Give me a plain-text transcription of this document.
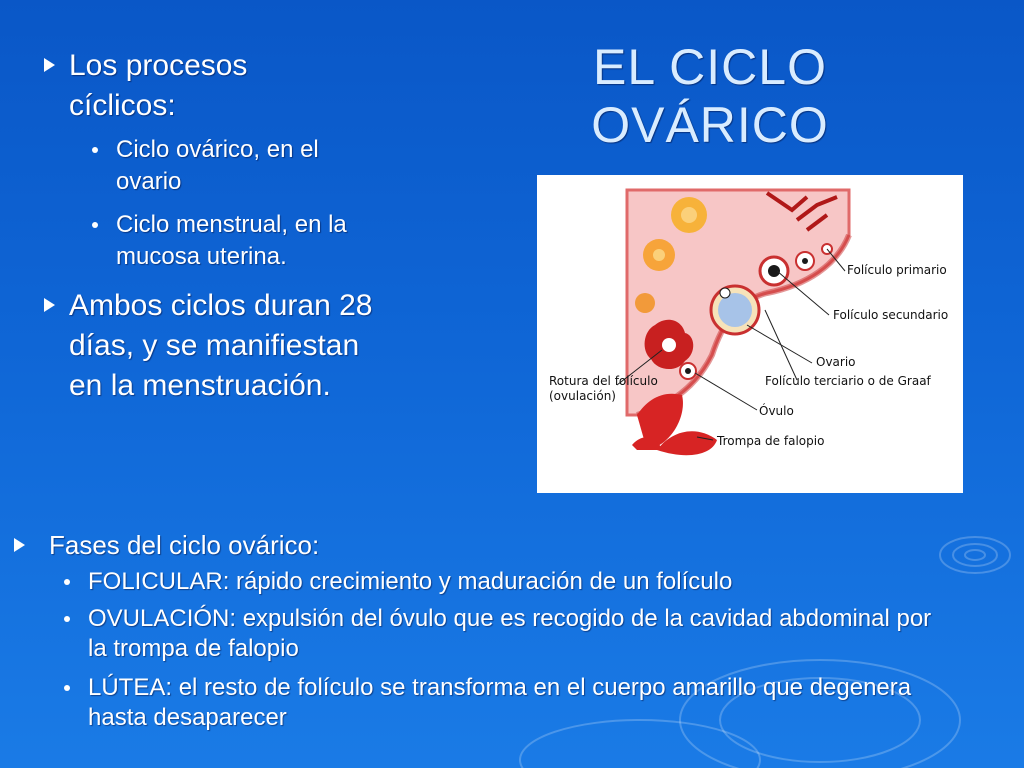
EL CICLO
OVÁRICO
Los procesos cíclicos:
Ciclo ovárico, en el ovario
Ciclo menstrual, en la mucosa uterina.
Ambos ciclos duran 28 días, y se manifiestan en la menstruación.
Folículo primario
Folículo secundario
Ovario
Rotura del folículo
(ovulación)
Folículo terciario o de Graaf
Óvulo
Trompa de falopio
Fases del ciclo ovárico:
FOLICULAR: rápido crecimiento y maduración de un folículo
OVULACIÓN: expulsión del óvulo que es recogido de la cavidad abdominal por la trompa de falopio
LÚTEA: el resto de folículo se transforma en el cuerpo amarillo que degenera hasta desaparecer
